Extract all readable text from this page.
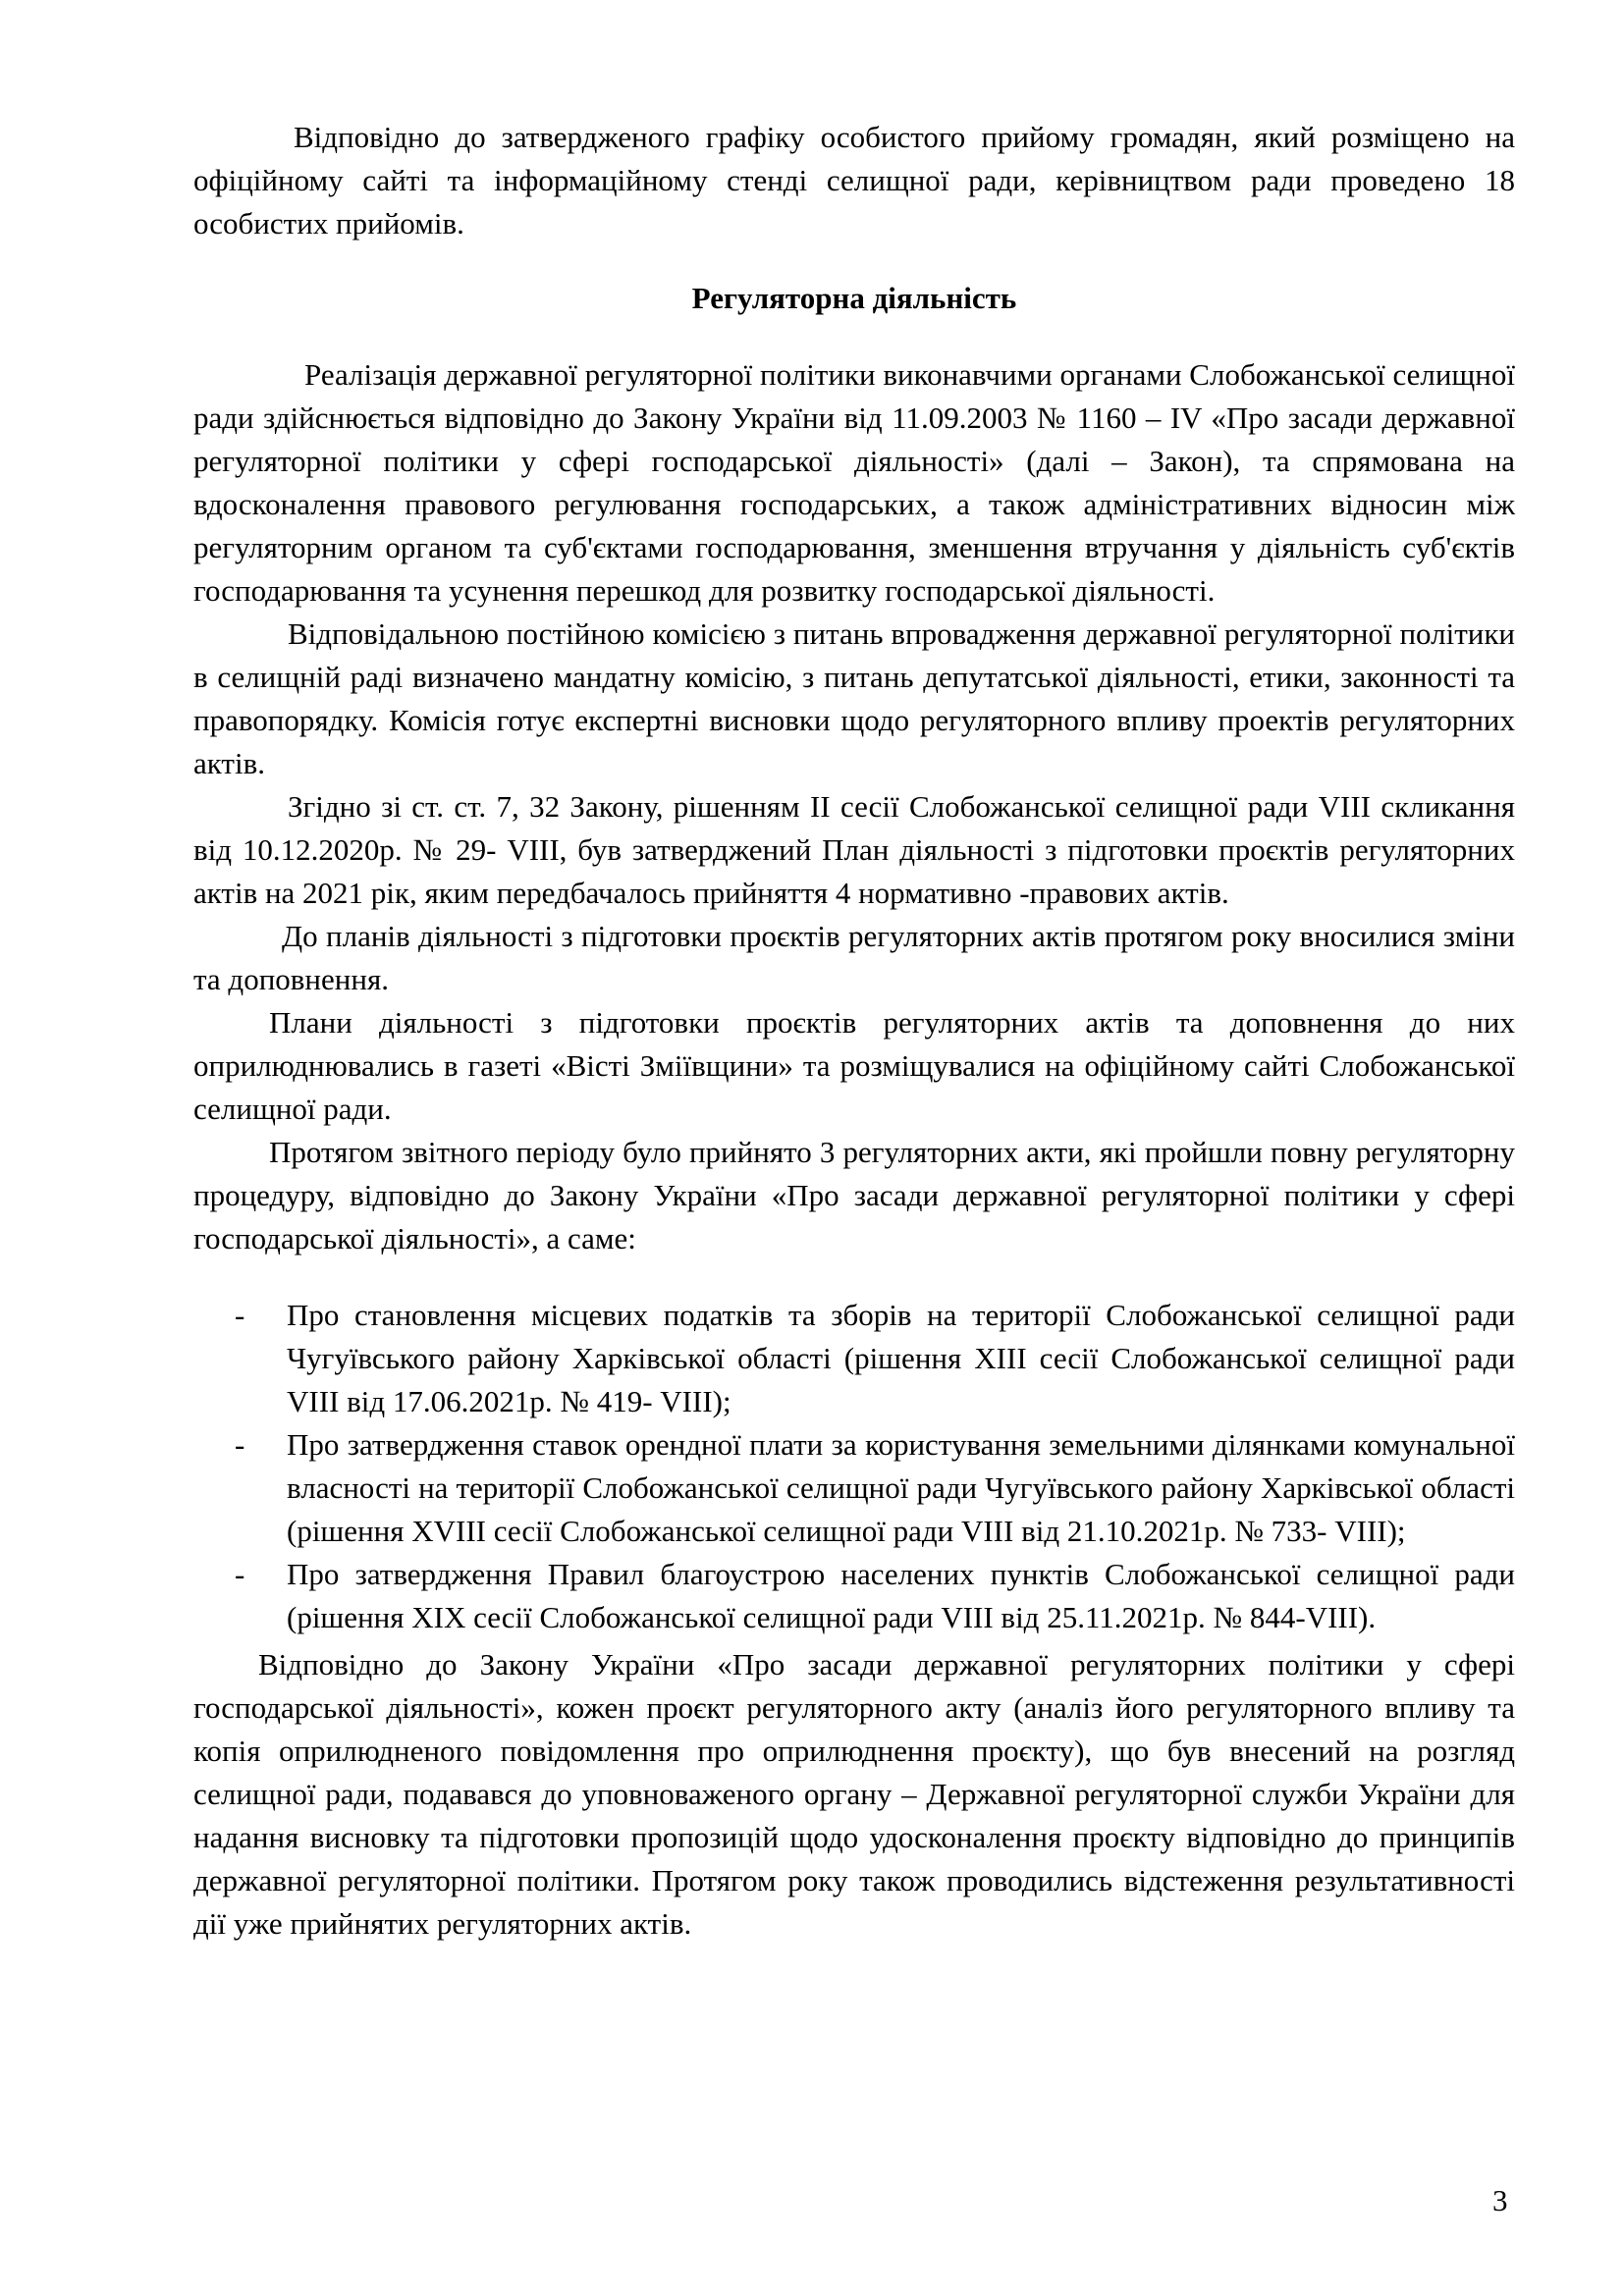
Відповідно до затвердженого графіку особистого прийому громадян, який розміщено на офіційному сайті та інформаційному стенді селищної ради, керівництвом ради проведено 18 особистих прийомів.

Регуляторна діяльність

Реалізація державної регуляторної політики виконавчими органами Слобожанської селищної ради здійснюється відповідно до Закону України від 11.09.2003 № 1160 – IV «Про засади державної регуляторної політики у сфері господарської діяльності» (далі – Закон), та спрямована на вдосконалення правового регулювання господарських, а також адміністративних відносин між регуляторним органом та суб'єктами господарювання, зменшення втручання у діяльність суб'єктів господарювання та усунення перешкод для розвитку господарської діяльності.

Відповідальною постійною комісією з питань впровадження державної регуляторної політики в селищній раді визначено мандатну комісію, з питань депутатської діяльності, етики, законності та правопорядку. Комісія готує експертні висновки щодо регуляторного впливу проектів регуляторних актів.

Згідно зі ст. ст. 7, 32 Закону, рішенням ІІ сесії Слобожанської селищної ради VIII скликання від 10.12.2020р. № 29- VIII, був затверджений План діяльності з підготовки проєктів регуляторних актів на 2021 рік, яким передбачалось прийняття 4 нормативно -правових актів.

До планів діяльності з підготовки проєктів регуляторних актів протягом року вносилися зміни та доповнення.

Плани діяльності з підготовки проєктів регуляторних актів та доповнення до них оприлюднювались в газеті «Вісті Зміївщини» та розміщувалися на офіційному сайті Слобожанської селищної ради.

Протягом звітного періоду було прийнято 3 регуляторних акти, які пройшли повну регуляторну процедуру, відповідно до Закону України «Про засади державної регуляторної політики у сфері господарської діяльності», а саме:

- Про становлення місцевих податків та зборів на території Слобожанської селищної ради Чугуївського району Харківської області (рішення XIII сесії Слобожанської селищної ради VIII від 17.06.2021р. № 419- VIII);
- Про затвердження ставок орендної плати за користування земельними ділянками комунальної власності на території Слобожанської селищної ради Чугуївського району Харківської області (рішення XVIII сесії Слобожанської селищної ради VIII від 21.10.2021р. № 733- VIII);
- Про затвердження Правил благоустрою населених пунктів Слобожанської селищної ради (рішення XIX сесії Слобожанської селищної ради VIII від 25.11.2021р. № 844-VIII).

Відповідно до Закону України «Про засади державної регуляторних політики у сфері господарської діяльності», кожен проєкт регуляторного акту (аналіз його регуляторного впливу та копія оприлюдненого повідомлення про оприлюднення проєкту), що був внесений на розгляд селищної ради, подавався до уповноваженого органу – Державної регуляторної служби України для надання висновку та підготовки пропозицій щодо удосконалення проєкту відповідно до принципів державної регуляторної політики. Протягом року також проводились відстеження результативності дії уже прийнятих регуляторних актів.

3
